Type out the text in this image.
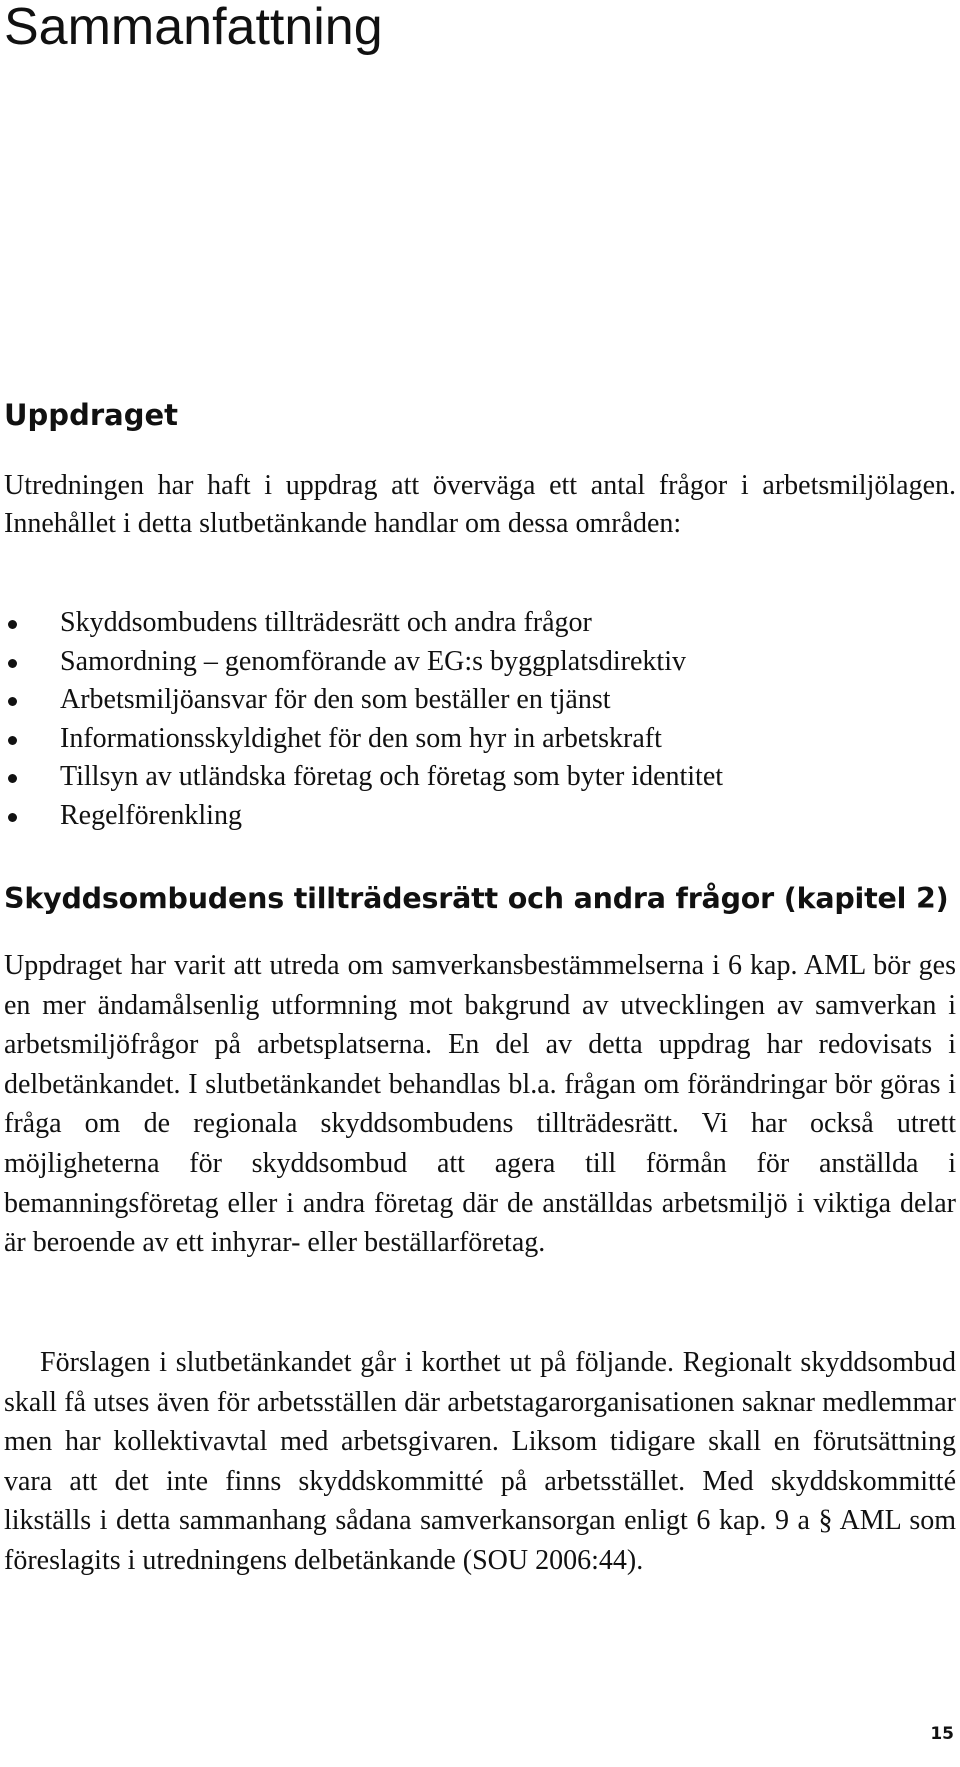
Sammanfattning
Uppdraget

Utredningen har haft i uppdrag att överväga ett antal frågor i arbetsmiljölagen. Innehållet i detta slutbetänkande handlar om dessa områden:

Skyddsombudens tillträdesrätt och andra frågor
Samordning – genomförande av EG:s byggplatsdirektiv
Arbetsmiljöansvar för den som beställer en tjänst
Informationsskyldighet för den som hyr in arbetskraft
Tillsyn av utländska företag och företag som byter identitet
Regelförenkling
Skyddsombudens tillträdesrätt och andra frågor (kapitel 2)

Uppdraget har varit att utreda om samverkansbestämmelserna i 6 kap. AML bör ges en mer ändamålsenlig utformning mot bakgrund av utvecklingen av samverkan i arbetsmiljöfrågor på arbetsplatserna. En del av detta uppdrag har redovisats i delbetänkandet. I slutbetänkandet behandlas bl.a. frågan om förändringar bör göras i fråga om de regionala skyddsombudens tillträdesrätt. Vi har också utrett möjligheterna för skyddsombud att agera till förmån för anställda i bemanningsföretag eller i andra företag där de anställdas arbetsmiljö i viktiga delar är beroende av ett inhyrar- eller beställarföretag.

Förslagen i slutbetänkandet går i korthet ut på följande. Regionalt skyddsombud skall få utses även för arbetsställen där arbetstagarorganisationen saknar medlemmar men har kollektivavtal med arbetsgivaren. Liksom tidigare skall en förutsättning vara att det inte finns skyddskommitté på arbetsstället. Med skyddskommitté likställs i detta sammanhang sådana samverkansorgan enligt 6 kap. 9 a § AML som föreslagits i utredningens delbetänkande (SOU 2006:44).

15
